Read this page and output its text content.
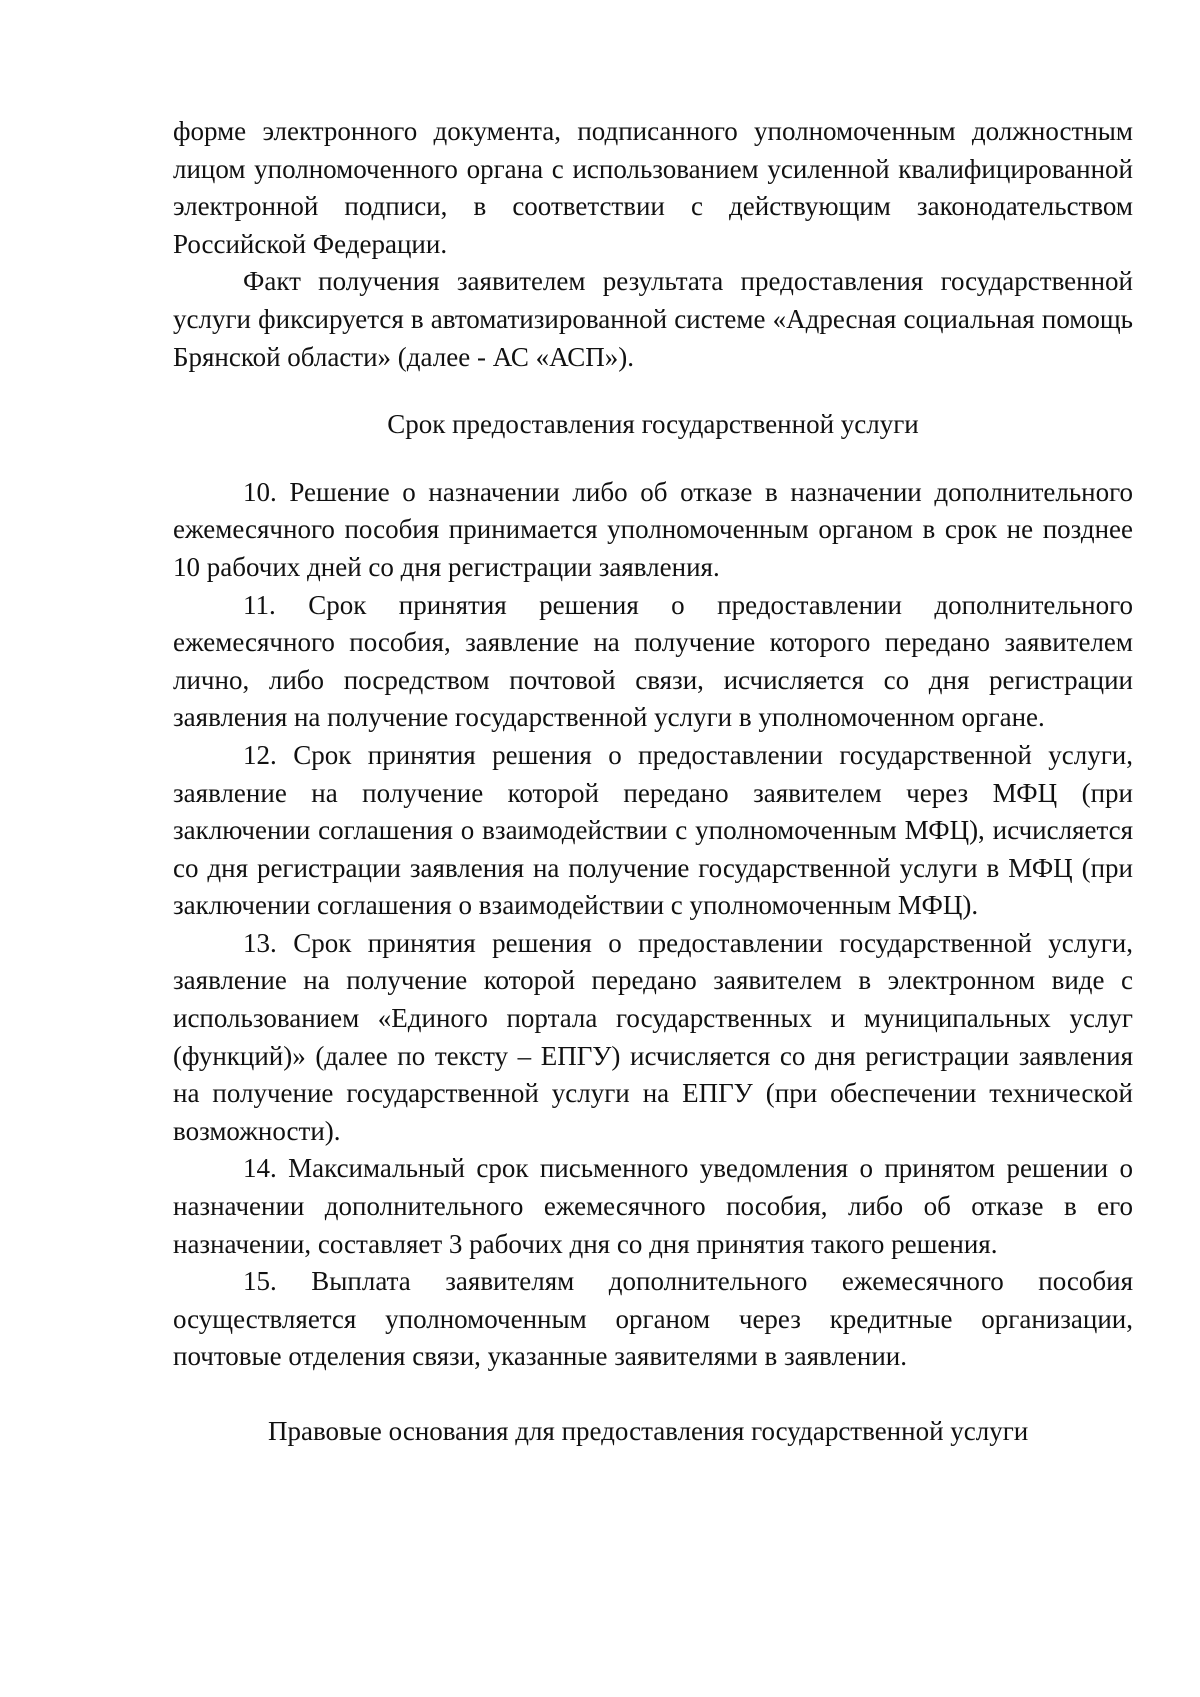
форме электронного документа, подписанного уполномоченным должностным лицом уполномоченного органа с использованием усиленной квалифицированной электронной подписи, в соответствии с действующим законодательством Российской Федерации.

Факт получения заявителем результата предоставления государственной услуги фиксируется в автоматизированной системе «Адресная социальная помощь Брянской области» (далее - АС «АСП»).

Срок предоставления государственной услуги

10. Решение о назначении либо об отказе в назначении дополнительного ежемесячного пособия принимается уполномоченным органом в срок не позднее 10 рабочих дней со дня регистрации заявления.

11. Срок принятия решения о предоставлении дополнительного ежемесячного пособия, заявление на получение которого передано заявителем лично, либо посредством почтовой связи, исчисляется со дня регистрации заявления на получение государственной услуги в уполномоченном органе.

12. Срок принятия решения о предоставлении государственной услуги, заявление на получение которой передано заявителем через МФЦ (при заключении соглашения о взаимодействии с уполномоченным МФЦ), исчисляется со дня регистрации заявления на получение государственной услуги в МФЦ (при заключении соглашения о взаимодействии с уполномоченным МФЦ).

13. Срок принятия решения о предоставлении государственной услуги, заявление на получение которой передано заявителем в электронном виде с использованием «Единого портала государственных и муниципальных услуг (функций)» (далее по тексту – ЕПГУ) исчисляется со дня регистрации заявления на получение государственной услуги на ЕПГУ (при обеспечении технической возможности).

14. Максимальный срок письменного уведомления о принятом решении о назначении дополнительного ежемесячного пособия, либо об отказе в его назначении, составляет 3 рабочих дня со дня принятия такого решения.

15. Выплата заявителям дополнительного ежемесячного пособия осуществляется уполномоченным органом через кредитные организации, почтовые отделения связи, указанные заявителями в заявлении.

Правовые основания для предоставления государственной услуги
